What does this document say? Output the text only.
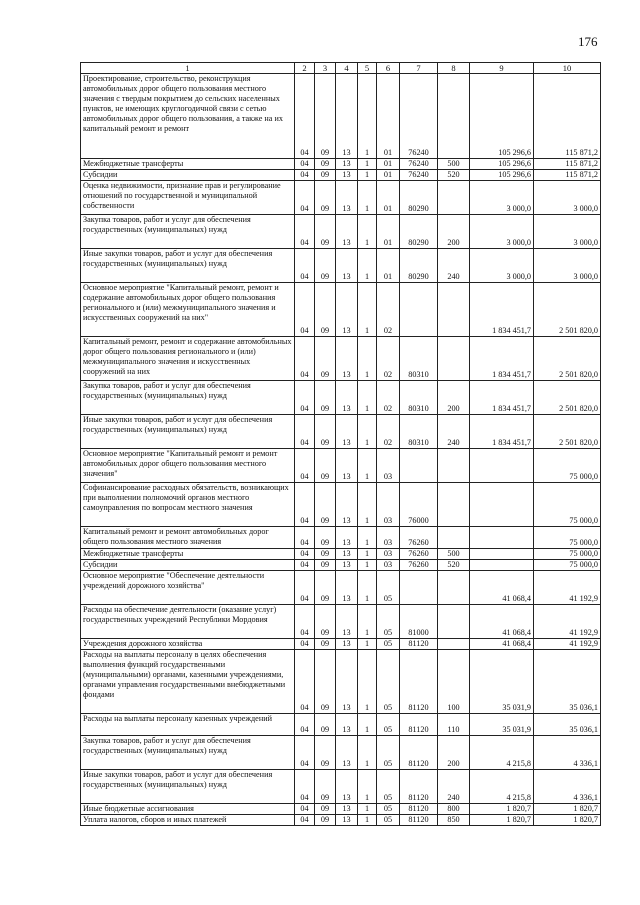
176
1	2	3	4	5	6	7	8	9	10
Проектирование, строительство, реконструкция автомобильных дорог общего пользования местного значения с твердым покрытием до сельских населенных пунктов, не имеющих круглогодичной связи с сетью автомобильных дорог общего пользования, а также на их капитальный ремонт и ремонт	04	09	13	1	01	76240		105 296,6	115 871,2
Межбюджетные трансферты	04	09	13	1	01	76240	500	105 296,6	115 871,2
Субсидии	04	09	13	1	01	76240	520	105 296,6	115 871,2
Оценка недвижимости, признание прав и регулирование отношений по государственной и муниципальной собственности	04	09	13	1	01	80290		3 000,0	3 000,0
Закупка товаров, работ и услуг для обеспечения государственных (муниципальных) нужд	04	09	13	1	01	80290	200	3 000,0	3 000,0
Иные закупки товаров, работ и услуг для обеспечения государственных (муниципальных) нужд	04	09	13	1	01	80290	240	3 000,0	3 000,0
Основное мероприятие "Капитальный ремонт, ремонт и содержание автомобильных дорог общего пользования регионального и (или) межмуниципального значения и искусственных сооружений на них"	04	09	13	1	02			1 834 451,7	2 501 820,0
Капитальный ремонт, ремонт и содержание автомобильных дорог общего пользования регионального и (или) межмуниципального значения и искусственных сооружений на них	04	09	13	1	02	80310		1 834 451,7	2 501 820,0
Закупка товаров, работ и услуг для обеспечения государственных (муниципальных) нужд	04	09	13	1	02	80310	200	1 834 451,7	2 501 820,0
Иные закупки товаров, работ и услуг для обеспечения государственных (муниципальных) нужд	04	09	13	1	02	80310	240	1 834 451,7	2 501 820,0
Основное мероприятие "Капитальный ремонт и ремонт автомобильных дорог общего пользования местного значения"	04	09	13	1	03				75 000,0
Софинансирование расходных обязательств, возникающих при выполнении полномочий органов местного самоуправления по вопросам местного значения	04	09	13	1	03	76000			75 000,0
Капитальный ремонт и ремонт автомобильных дорог общего пользования местного значения	04	09	13	1	03	76260			75 000,0
Межбюджетные трансферты	04	09	13	1	03	76260	500		75 000,0
Субсидии	04	09	13	1	03	76260	520		75 000,0
Основное мероприятие "Обеспечение деятельности учреждений дорожного хозяйства"	04	09	13	1	05			41 068,4	41 192,9
Расходы на обеспечение деятельности (оказание услуг) государственных учреждений Республики Мордовия	04	09	13	1	05	81000		41 068,4	41 192,9
Учреждения дорожного хозяйства	04	09	13	1	05	81120		41 068,4	41 192,9
Расходы на выплаты персоналу в целях обеспечения выполнения функций государственными (муниципальными) органами, казенными учреждениями, органами управления государственными внебюджетными фондами	04	09	13	1	05	81120	100	35 031,9	35 036,1
Расходы на выплаты персоналу казенных учреждений	04	09	13	1	05	81120	110	35 031,9	35 036,1
Закупка товаров, работ и услуг для обеспечения государственных (муниципальных) нужд	04	09	13	1	05	81120	200	4 215,8	4 336,1
Иные закупки товаров, работ и услуг для обеспечения государственных (муниципальных) нужд	04	09	13	1	05	81120	240	4 215,8	4 336,1
Иные бюджетные ассигнования	04	09	13	1	05	81120	800	1 820,7	1 820,7
Уплата налогов, сборов и иных платежей	04	09	13	1	05	81120	850	1 820,7	1 820,7
